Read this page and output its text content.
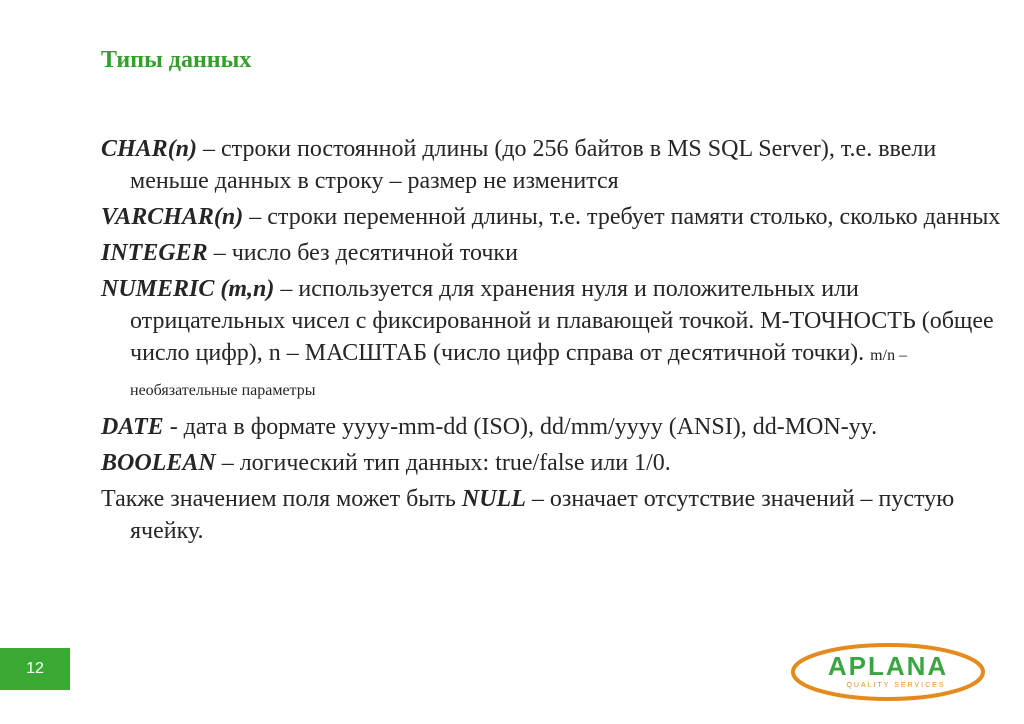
Типы данных

CHAR(n) – строки постоянной длины (до 256 байтов в MS SQL Server), т.е. ввели меньше данных в строку – размер не изменится

VARCHAR(n) – строки переменной длины, т.е. требует памяти столько, сколько данных

INTEGER – число без десятичной точки

NUMERIC (m,n) – используется для хранения нуля и положительных или отрицательных чисел с фиксированной и плавающей точкой. M-ТОЧНОСТЬ (общее число цифр), n – МАСШТАБ (число цифр справа от десятичной точки). m/n –необязательные параметры

DATE - дата в формате yyyy-mm-dd (ISO), dd/mm/yyyy (ANSI), dd-MON-yy.

BOOLEAN – логический тип данных: true/false или 1/0.

Также значением поля может быть NULL – означает отсутствие значений – пустую ячейку.

12	APLANA
QUALITY SERVICES
